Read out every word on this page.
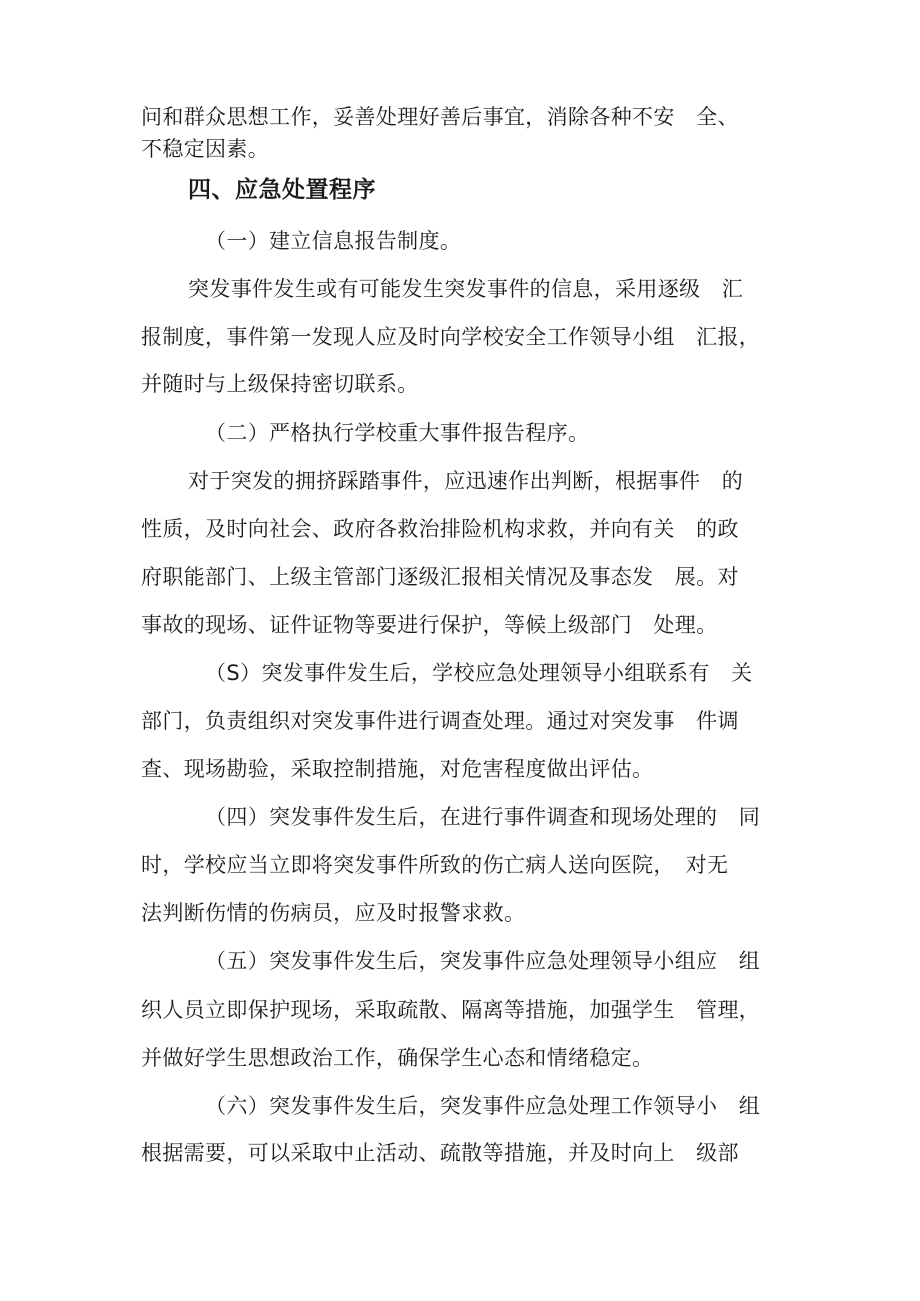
问和群众思想工作，妥善处理好善后事宜，消除各种不安　全、
不稳定因素。
四、应急处置程序
（一）建立信息报告制度。
突发事件发生或有可能发生突发事件的信息，采用逐级　汇
报制度，事件第一发现人应及时向学校安全工作领导小组　汇报，
并随时与上级保持密切联系。
（二）严格执行学校重大事件报告程序。
对于突发的拥挤踩踏事件，应迅速作出判断，根据事件　的
性质，及时向社会、政府各救治排险机构求救，并向有关　的政
府职能部门、上级主管部门逐级汇报相关情况及事态发　展。对
事故的现场、证件证物等要进行保护，等候上级部门　处理。
（S）突发事件发生后，学校应急处理领导小组联系有　关
部门，负责组织对突发事件进行调查处理。通过对突发事　件调
查、现场勘验，采取控制措施，对危害程度做出评估。
（四）突发事件发生后，在进行事件调查和现场处理的　同
时，学校应当立即将突发事件所致的伤亡病人送向医院，　对无
法判断伤情的伤病员，应及时报警求救。
（五）突发事件发生后，突发事件应急处理领导小组应　组
织人员立即保护现场，采取疏散、隔离等措施，加强学生　管理，
并做好学生思想政治工作，确保学生心态和情绪稳定。
（六）突发事件发生后，突发事件应急处理工作领导小　组
根据需要，可以采取中止活动、疏散等措施，并及时向上　级部
